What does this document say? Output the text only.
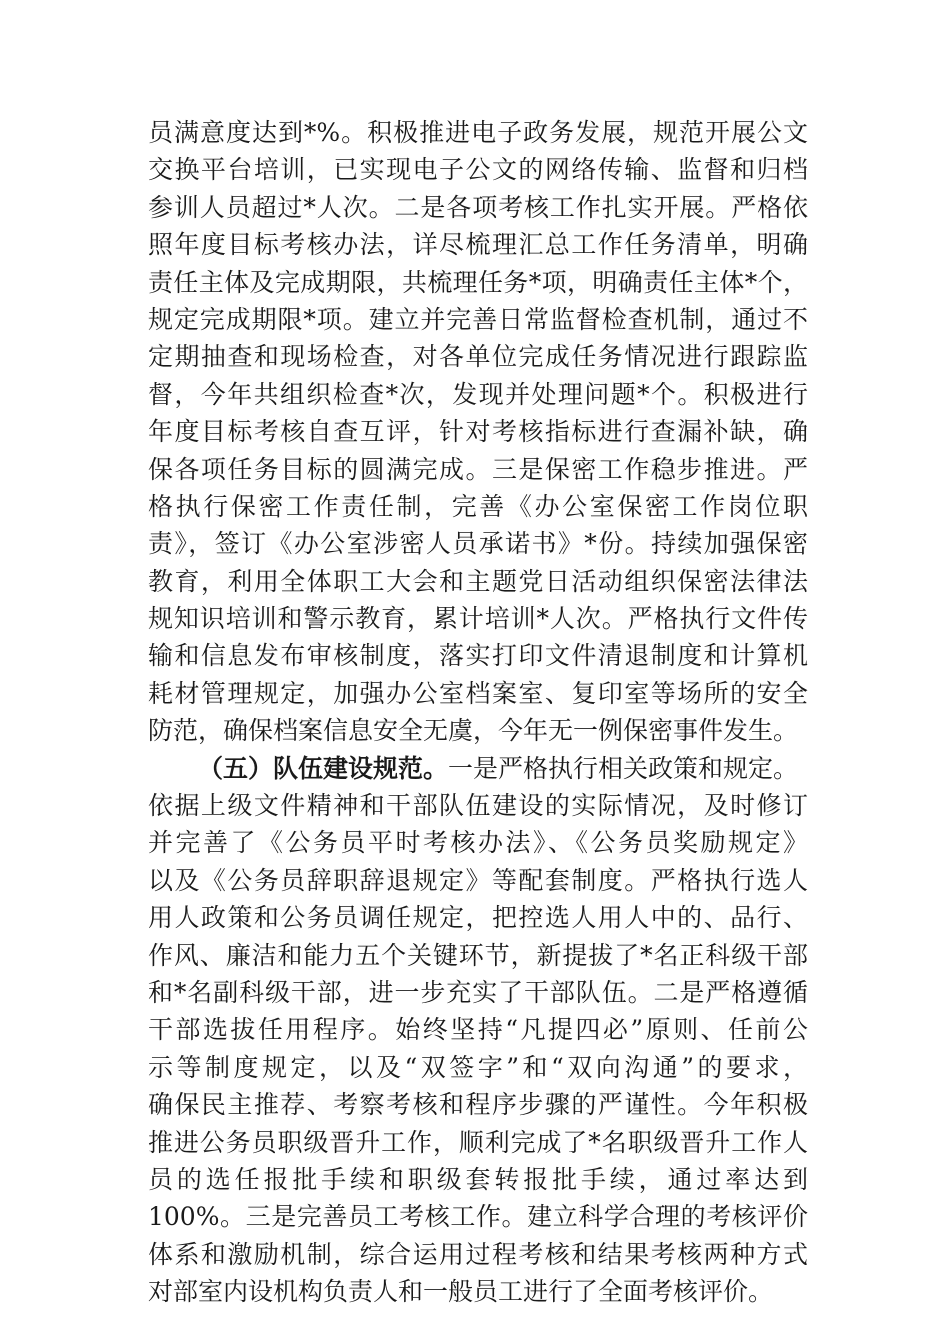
员满意度达到*%。积极推进电子政务发展，规范开展公文
交换平台培训，已实现电子公文的网络传输、监督和归档
参训人员超过*人次。二是各项考核工作扎实开展。严格依
照年度目标考核办法，详尽梳理汇总工作任务清单，明确
责任主体及完成期限，共梳理任务*项，明确责任主体*个，
规定完成期限*项。建立并完善日常监督检查机制，通过不
定期抽查和现场检查，对各单位完成任务情况进行跟踪监
督，今年共组织检查*次，发现并处理问题*个。积极进行
年度目标考核自查互评，针对考核指标进行查漏补缺，确
保各项任务目标的圆满完成。三是保密工作稳步推进。严
格执行保密工作责任制，完善《办公室保密工作岗位职
责》，签订《办公室涉密人员承诺书》*份。持续加强保密
教育，利用全体职工大会和主题党日活动组织保密法律法
规知识培训和警示教育，累计培训*人次。严格执行文件传
输和信息发布审核制度，落实打印文件清退制度和计算机
耗材管理规定，加强办公室档案室、复印室等场所的安全
防范，确保档案信息安全无虞，今年无一例保密事件发生。
（五）队伍建设规范。一是严格执行相关政策和规定。
依据上级文件精神和干部队伍建设的实际情况，及时修订
并完善了《公务员平时考核办法》、《公务员奖励规定》
以及《公务员辞职辞退规定》等配套制度。严格执行选人
用人政策和公务员调任规定，把控选人用人中的、品行、
作风、廉洁和能力五个关键环节，新提拔了*名正科级干部
和*名副科级干部，进一步充实了干部队伍。二是严格遵循
干部选拔任用程序。始终坚持“凡提四必”原则、任前公
示等制度规定，以及“双签字”和“双向沟通”的要求，
确保民主推荐、考察考核和程序步骤的严谨性。今年积极
推进公务员职级晋升工作，顺利完成了*名职级晋升工作人
员的选任报批手续和职级套转报批手续，通过率达到
100%。三是完善员工考核工作。建立科学合理的考核评价
体系和激励机制，综合运用过程考核和结果考核两种方式
对部室内设机构负责人和一般员工进行了全面考核评价。
